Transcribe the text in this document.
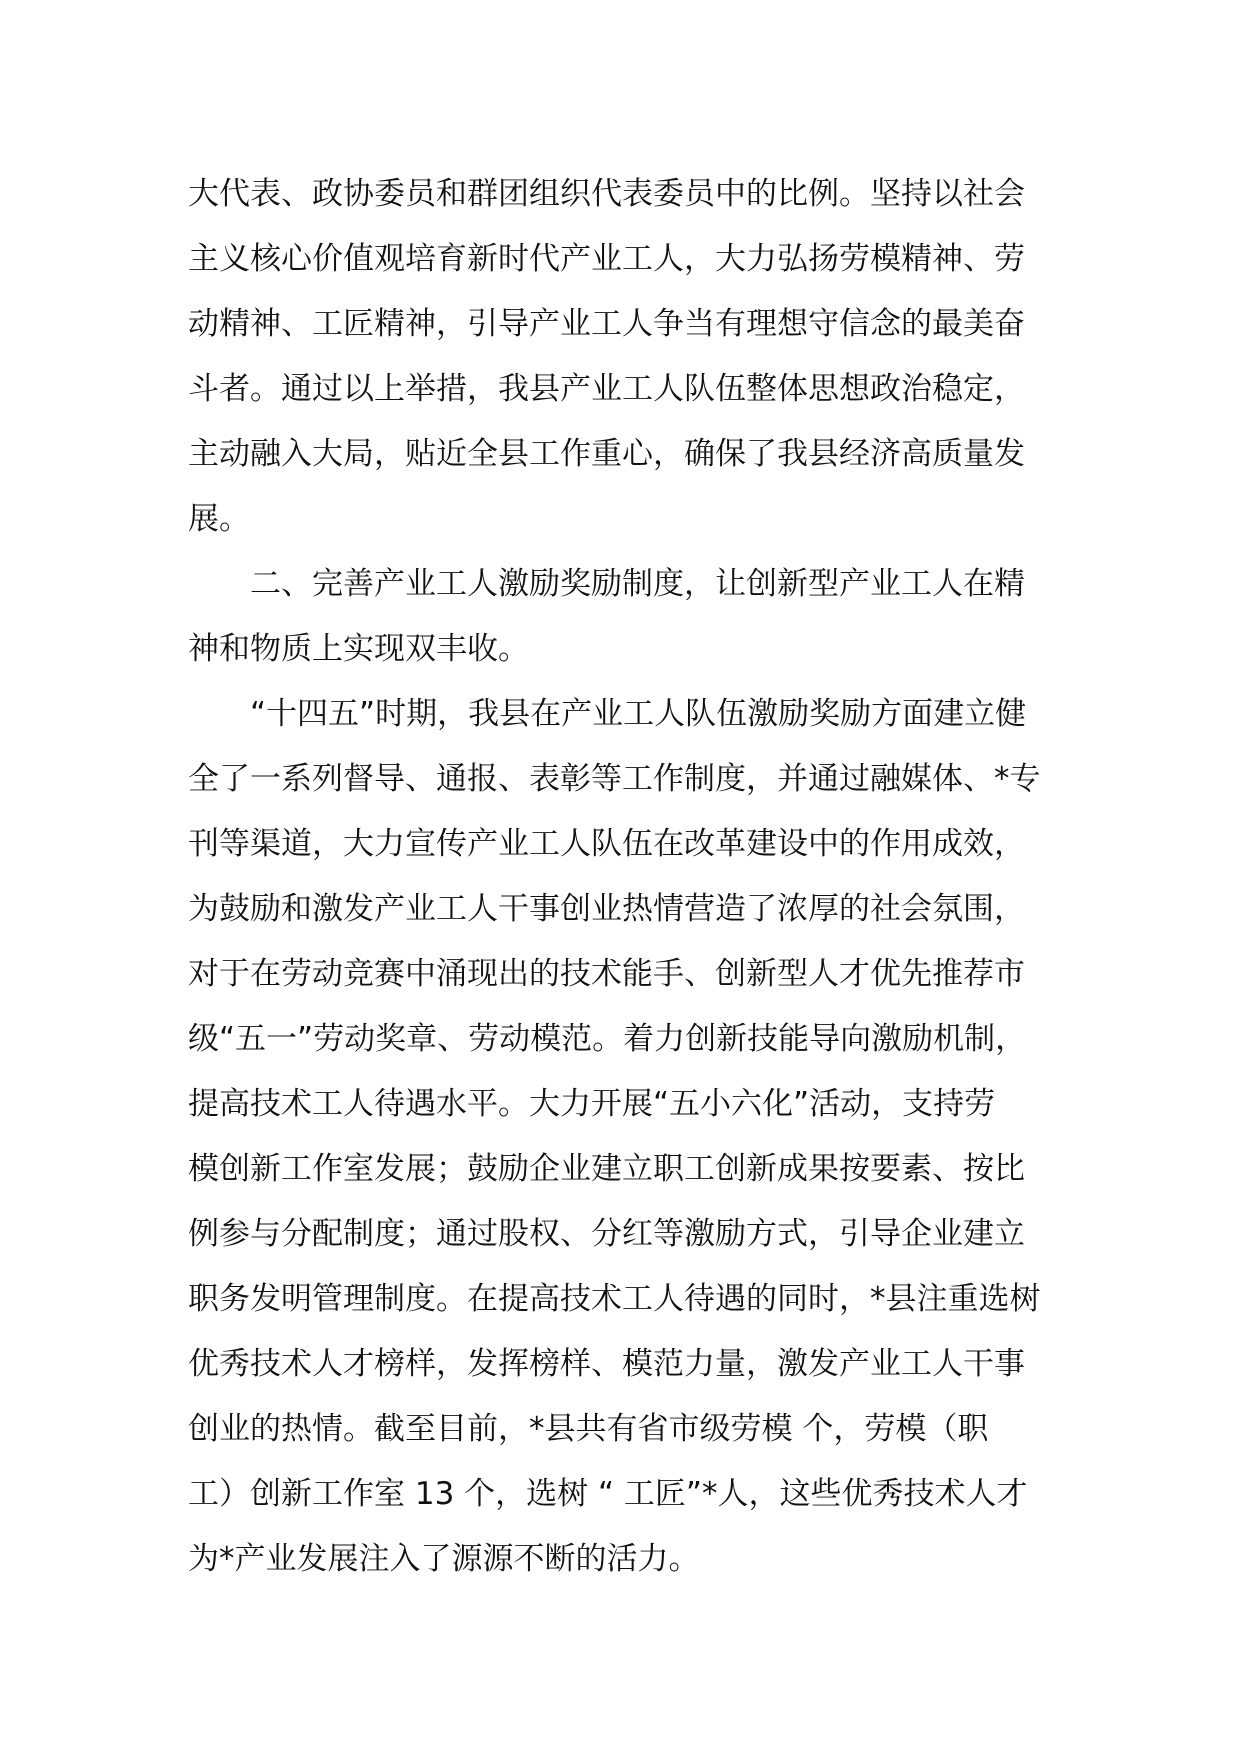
大代表、政协委员和群团组织代表委员中的比例。坚持以社会
主义核心价值观培育新时代产业工人，大力弘扬劳模精神、劳
动精神、工匠精神，引导产业工人争当有理想守信念的最美奋
斗者。通过以上举措，我县产业工人队伍整体思想政治稳定，
主动融入大局，贴近全县工作重心，确保了我县经济高质量发
展。
二、完善产业工人激励奖励制度，让创新型产业工人在精
神和物质上实现双丰收。
“十四五”时期，我县在产业工人队伍激励奖励方面建立健
全了一系列督导、通报、表彰等工作制度，并通过融媒体、*专
刊等渠道，大力宣传产业工人队伍在改革建设中的作用成效，
为鼓励和激发产业工人干事创业热情营造了浓厚的社会氛围，
对于在劳动竞赛中涌现出的技术能手、创新型人才优先推荐市
级“五一”劳动奖章、劳动模范。着力创新技能导向激励机制，
提高技术工人待遇水平。大力开展“五小六化”活动，支持劳
模创新工作室发展；鼓励企业建立职工创新成果按要素、按比
例参与分配制度；通过股权、分红等激励方式，引导企业建立
职务发明管理制度。在提高技术工人待遇的同时，*县注重选树
优秀技术人才榜样，发挥榜样、模范力量，激发产业工人干事
创业的热情。截至目前，*县共有省市级劳模 个，劳模（职
工）创新工作室 13 个，选树 “ 工匠”*人，这些优秀技术人才
为*产业发展注入了源源不断的活力。
